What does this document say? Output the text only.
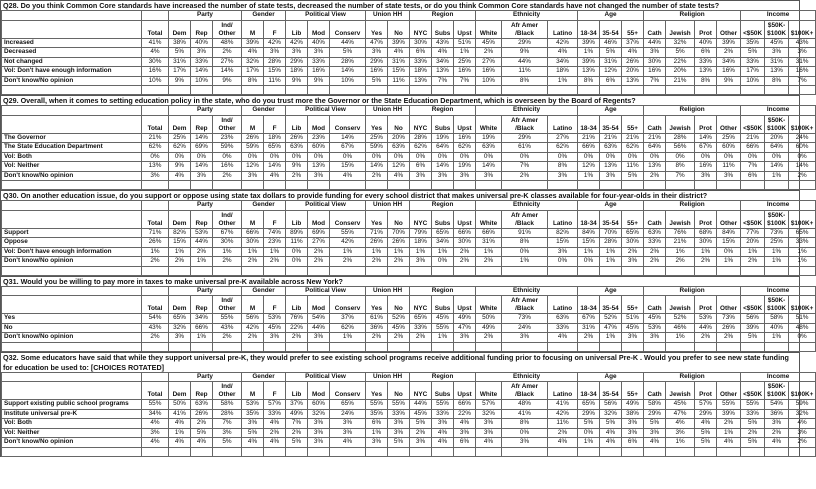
Q28. Do you think Common Core standards have increased the number of state tests, decreased the number of state tests, or do you think Common Core standards have not changed the number of state tests?
		Party			Gender		Political View			Union HH		Region			Ethnicity			Age			Religion				Income		
	Total	Dem	Rep	Ind/ Other	M	F	Lib	Mod	Conserv	Yes	No	NYC	Subs	Upst	White	Afr Amer /Black	Latino	18-34	35-54	55+	Cath	Jewish	Prot	Other	<$50K	$50K- $100K	$100K+
Increased	41%	38%	40%	48%	39%	42%	42%	40%	44%	47%	39%	30%	43%	51%	45%	29%	42%	39%	46%	37%	44%	32%	40%	39%	35%	45%	43%
Decreased	4%	5%	3%	2%	4%	3%	3%	3%	5%	3%	4%	6%	4%	1%	2%	9%	4%	1%	5%	4%	3%	5%	6%	2%	5%	3%	3%
Not changed	30%	31%	33%	27%	32%	28%	29%	33%	28%	29%	31%	33%	34%	25%	27%	44%	34%	39%	31%	26%	30%	22%	33%	34%	33%	31%	31%
Vol: Don't have enough information	16%	17%	14%	14%	17%	15%	18%	16%	14%	16%	15%	18%	13%	16%	16%	11%	18%	13%	12%	20%	16%	20%	13%	16%	17%	13%	16%
Don't know/No opinion	10%	9%	10%	9%	8%	11%	9%	9%	10%	5%	11%	13%	7%	7%	10%	8%	1%	8%	6%	13%	7%	21%	8%	9%	10%	8%	7%

Q29. Overall, when it comes to setting education policy in the state, who do you trust more the Governor or the State Education Department, which is overseen by the Board of Regents?
		Party			Gender		Political View			Union HH		Region			Ethnicity			Age			Religion				Income		
	Total	Dem	Rep	Ind/ Other	M	F	Lib	Mod	Conserv	Yes	No	NYC	Subs	Upst	White	Afr Amer /Black	Latino	18-34	35-54	55+	Cath	Jewish	Prot	Other	<$50K	$50K- $100K	$100K+
The Governor	21%	25%	14%	23%	26%	18%	26%	23%	14%	25%	20%	28%	19%	16%	19%	29%	27%	21%	21%	21%	21%	28%	14%	25%	21%	20%	24%
The State Education Department	62%	62%	69%	59%	59%	65%	63%	60%	67%	59%	63%	62%	64%	62%	63%	61%	62%	66%	63%	62%	64%	56%	67%	60%	66%	64%	60%
Vol: Both	0%	0%	0%	0%	0%	0%	0%	0%	0%	0%	0%	0%	0%	0%	0%	0%	0%	0%	0%	0%	0%	0%	0%	0%	0%	0%	0%
Vol: Neither	13%	9%	14%	16%	12%	14%	9%	13%	15%	14%	12%	6%	14%	19%	14%	7%	8%	12%	13%	11%	13%	8%	16%	11%	7%	14%	14%
Don't know/No opinion	3%	4%	3%	2%	3%	4%	2%	3%	4%	2%	4%	3%	3%	3%	3%	2%	3%	1%	3%	5%	2%	7%	3%	3%	6%	1%	2%

Q30. On another education issue, do you support or oppose using state tax dollars to provide funding for every school district that makes universal pre-K classes available for four-year-olds in their district?
		Party			Gender		Political View			Union HH		Region			Ethnicity			Age			Religion				Income		
	Total	Dem	Rep	Ind/ Other	M	F	Lib	Mod	Conserv	Yes	No	NYC	Subs	Upst	White	Afr Amer /Black	Latino	18-34	35-54	55+	Cath	Jewish	Prot	Other	<$50K	$50K- $100K	$100K+
Support	71%	82%	53%	67%	66%	74%	89%	69%	55%	71%	70%	79%	65%	66%	66%	91%	82%	84%	70%	65%	63%	76%	68%	84%	77%	73%	65%
Oppose	26%	15%	44%	30%	30%	23%	11%	27%	42%	26%	26%	18%	34%	30%	31%	8%	15%	15%	28%	30%	33%	21%	30%	15%	20%	25%	33%
Vol: Don't have enough information	1%	1%	2%	1%	1%	1%	0%	2%	1%	1%	1%	1%	1%	2%	1%	0%	3%	1%	1%	2%	2%	1%	1%	0%	1%	1%	1%
Don't know/No opinion	2%	2%	1%	2%	2%	2%	0%	2%	2%	2%	2%	3%	0%	2%	2%	1%	0%	0%	1%	3%	2%	2%	2%	1%	2%	1%	1%

Q31. Would you be willing to pay more in taxes to make universal pre-K available across New York?
		Party			Gender		Political View			Union HH		Region			Ethnicity			Age			Religion				Income		
	Total	Dem	Rep	Ind/ Other	M	F	Lib	Mod	Conserv	Yes	No	NYC	Subs	Upst	White	Afr Amer /Black	Latino	18-34	35-54	55+	Cath	Jewish	Prot	Other	<$50K	$50K- $100K	$100K+
Yes	54%	65%	34%	55%	56%	53%	76%	54%	37%	61%	52%	65%	45%	49%	50%	73%	63%	67%	52%	51%	45%	52%	53%	73%	56%	58%	51%
No	43%	32%	66%	43%	42%	45%	22%	44%	62%	36%	45%	33%	55%	47%	49%	24%	33%	31%	47%	45%	53%	46%	44%	26%	39%	40%	48%
Don't know/No opinion	2%	3%	1%	2%	2%	3%	2%	3%	1%	2%	2%	2%	1%	3%	2%	3%	4%	2%	1%	3%	3%	1%	2%	2%	5%	1%	0%

Q32. Some educators have said that while they support universal pre-K, they would prefer to see existing school programs receive additional funding prior to focusing on universal Pre-K . Would you prefer to see new state funding for education be used to: [CHOICES ROTATED]
		Party			Gender		Political View			Union HH		Region			Ethnicity			Age			Religion				Income		
	Total	Dem	Rep	Ind/ Other	M	F	Lib	Mod	Conserv	Yes	No	NYC	Subs	Upst	White	Afr Amer /Black	Latino	18-34	35-54	55+	Cath	Jewish	Prot	Other	<$50K	$50K- $100K	$100K+
Support existing public school programs	55%	50%	63%	58%	53%	57%	37%	60%	65%	55%	55%	44%	55%	66%	57%	48%	41%	65%	56%	49%	58%	45%	57%	55%	55%	54%	59%
Institute universal pre-K	34%	41%	26%	28%	35%	33%	49%	32%	24%	35%	33%	45%	33%	22%	32%	41%	42%	29%	32%	38%	29%	47%	29%	39%	33%	36%	32%
Vol: Both	4%	4%	2%	7%	3%	4%	7%	3%	3%	6%	3%	5%	3%	4%	3%	8%	11%	5%	5%	3%	5%	4%	4%	2%	5%	3%	4%
Vol: Neither	3%	1%	5%	3%	5%	2%	2%	3%	3%	1%	3%	2%	4%	3%	3%	0%	2%	0%	4%	3%	3%	3%	5%	1%	2%	2%	3%
Don't know/No opinion	4%	4%	4%	5%	4%	4%	5%	3%	4%	3%	5%	3%	4%	6%	4%	3%	4%	1%	4%	6%	4%	1%	5%	4%	5%	4%	2%
